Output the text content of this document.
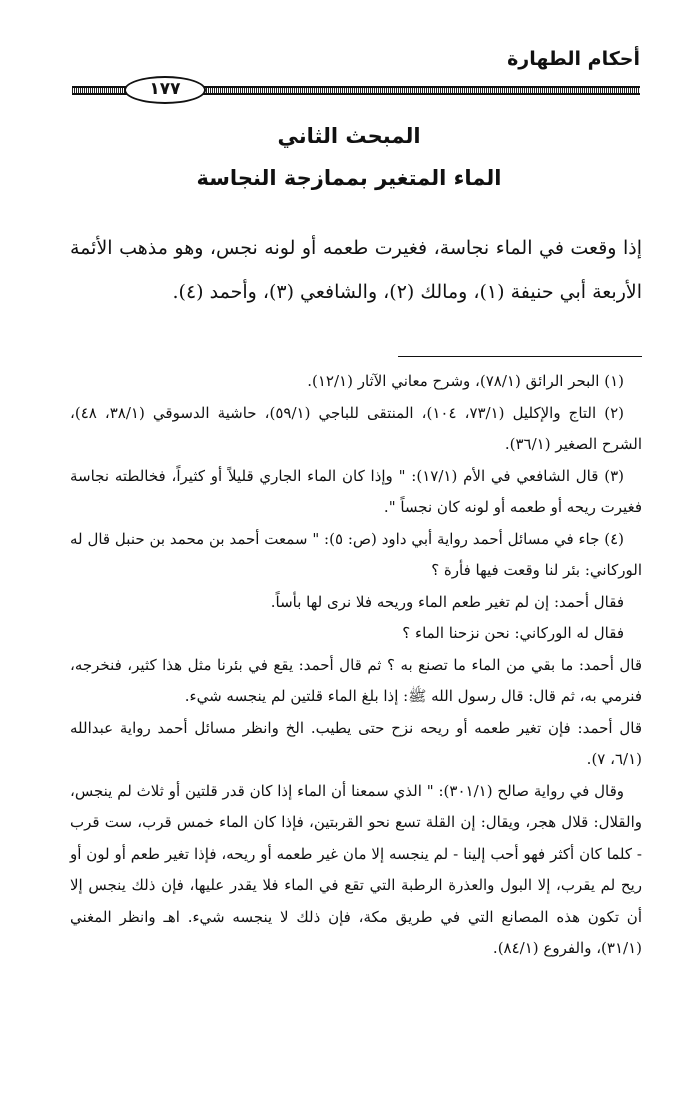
أحكام الطهارة
١٧٧
المبحث الثاني
الماء المتغير بممازجة النجاسة
إذا وقعت في الماء نجاسة، فغيرت طعمه أو لونه نجس، وهو مذهب الأئمة الأربعة أبي حنيفة (١)، ومالك (٢)، والشافعي (٣)، وأحمد (٤).

(١) البحر الرائق (٧٨/١)، وشرح معاني الآثار (١٢/١).

(٢) التاج والإكليل (٧٣/١، ١٠٤)، المنتقى للباجي (٥٩/١)، حاشية الدسوقي (٣٨/١، ٤٨)، الشرح الصغير (٣٦/١).

(٣) قال الشافعي في الأم (١٧/١): " وإذا كان الماء الجاري قليلاً أو كثيراً، فخالطته نجاسة فغيرت ريحه أو طعمه أو لونه كان نجساً ".

(٤) جاء في مسائل أحمد رواية أبي داود (ص: ٥): " سمعت أحمد بن محمد بن حنبل قال له الوركاني: بئر لنا وقعت فيها فأرة ؟

فقال أحمد: إن لم تغير طعم الماء وريحه فلا نرى لها بأساً.

فقال له الوركاني: نحن نزحنا الماء ؟

قال أحمد: ما بقي من الماء ما تصنع به ؟ ثم قال أحمد: يقع في بئرنا مثل هذا كثير، فنخرجه، فنرمي به، ثم قال: قال رسول الله ﷺ: إذا بلغ الماء قلتين لم ينجسه شيء.

قال أحمد: فإن تغير طعمه أو ريحه نزح حتى يطيب. الخ وانظر مسائل أحمد رواية عبدالله (٦/١، ٧).

وقال في رواية صالح (٣٠١/١): " الذي سمعنا أن الماء إذا كان قدر قلتين أو ثلاث لم ينجس، والقلال: قلال هجر، ويقال: إن القلة تسع نحو القربتين، فإذا كان الماء خمس قرب، ست قرب - كلما كان أكثر فهو أحب إلينا - لم ينجسه إلا مان غير طعمه أو ريحه، فإذا تغير طعم أو لون أو ريح لم يقرب، إلا البول والعذرة الرطبة التي تقع في الماء فلا يقدر عليها، فإن ذلك ينجس إلا أن تكون هذه المصانع التي في طريق مكة، فإن ذلك لا ينجسه شيء. اهـ وانظر المغني (٣١/١)، والفروع (٨٤/١).
